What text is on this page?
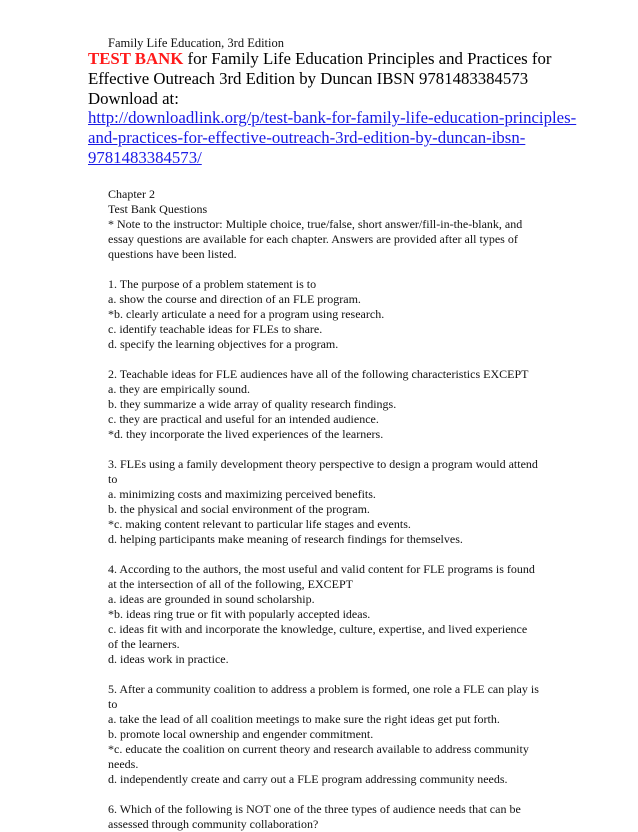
Family Life Education, 3rd Edition
TEST BANK for Family Life Education Principles and Practices for Effective Outreach 3rd Edition by Duncan IBSN 9781483384573
Download at:
http://downloadlink.org/p/test-bank-for-family-life-education-principles- and-practices-for-effective-outreach-3rd-edition-by-duncan-ibsn- 9781483384573/
Chapter 2
Test Bank Questions
* Note to the instructor: Multiple choice, true/false, short answer/fill-in-the-blank, and
essay questions are available for each chapter. Answers are provided after all types of
questions have been listed.
1. The purpose of a problem statement is to
a. show the course and direction of an FLE program.
*b. clearly articulate a need for a program using research.
c. identify teachable ideas for FLEs to share.
d. specify the learning objectives for a program.
2. Teachable ideas for FLE audiences have all of the following characteristics EXCEPT
a. they are empirically sound.
b. they summarize a wide array of quality research findings.
c. they are practical and useful for an intended audience.
*d. they incorporate the lived experiences of the learners.
3. FLEs using a family development theory perspective to design a program would attend
to
a. minimizing costs and maximizing perceived benefits.
b. the physical and social environment of the program.
*c. making content relevant to particular life stages and events.
d. helping participants make meaning of research findings for themselves.
4. According to the authors, the most useful and valid content for FLE programs is found
at the intersection of all of the following, EXCEPT
a. ideas are grounded in sound scholarship.
*b. ideas ring true or fit with popularly accepted ideas.
c. ideas fit with and incorporate the knowledge, culture, expertise, and lived experience
of the learners.
d. ideas work in practice.
5. After a community coalition to address a problem is formed, one role a FLE can play is
to
a. take the lead of all coalition meetings to make sure the right ideas get put forth.
b. promote local ownership and engender commitment.
*c. educate the coalition on current theory and research available to address community
needs.
d. independently create and carry out a FLE program addressing community needs.
6. Which of the following is NOT one of the three types of audience needs that can be
assessed through community collaboration?
